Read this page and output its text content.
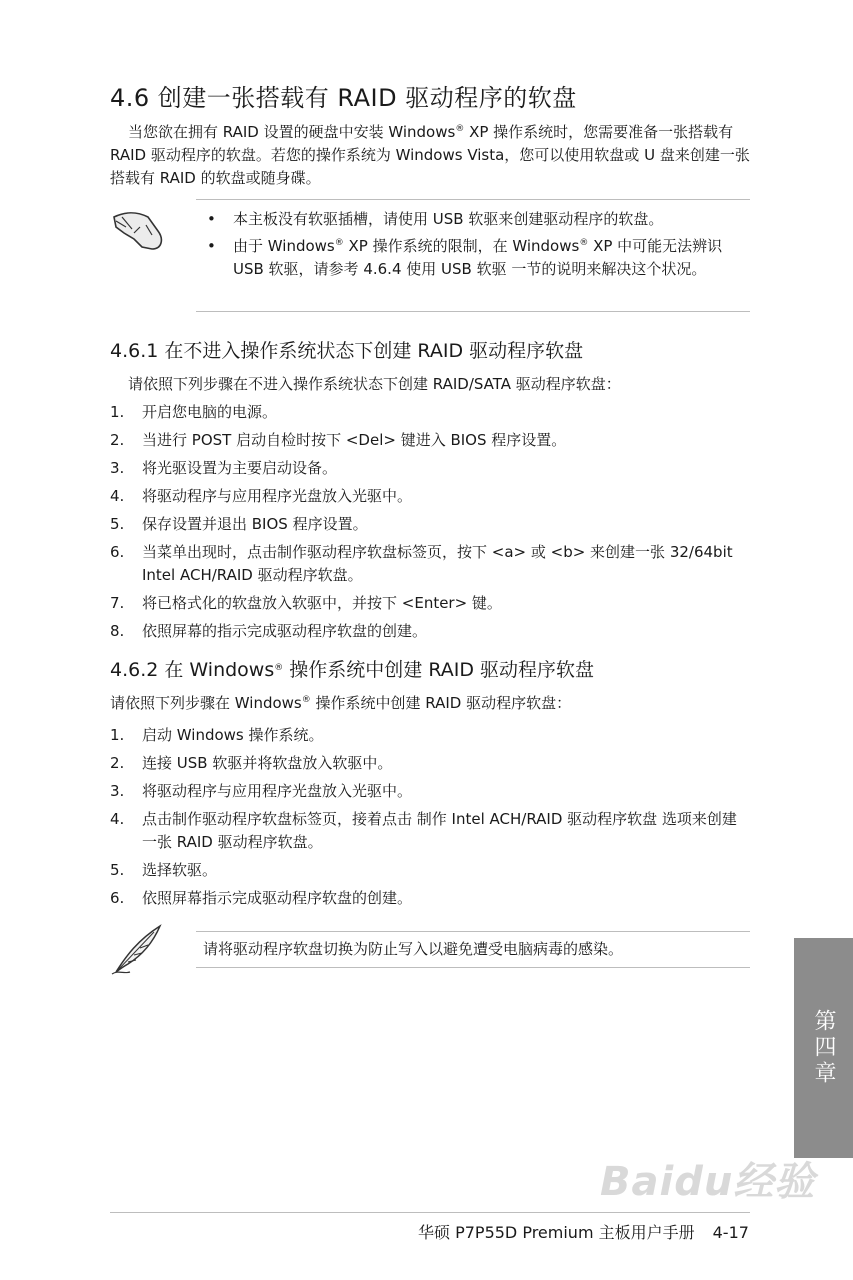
4.6 创建一张搭载有 RAID 驱动程序的软盘
当您欲在拥有 RAID 设置的硬盘中安装 Windows® XP 操作系统时，您需要准备一张搭载有 RAID 驱动程序的软盘。若您的操作系统为 Windows Vista，您可以使用软盘或 U 盘来创建一张搭载有 RAID 的软盘或随身碟。
• 本主板没有软驱插槽，请使用 USB 软驱来创建驱动程序的软盘。
• 由于 Windows® XP 操作系统的限制，在 Windows® XP 中可能无法辨识 USB 软驱，请参考 4.6.4 使用 USB 软驱 一节的说明来解决这个状况。
4.6.1 在不进入操作系统状态下创建 RAID 驱动程序软盘
请依照下列步骤在不进入操作系统状态下创建 RAID/SATA 驱动程序软盘：
1. 开启您电脑的电源。
2. 当进行 POST 启动自检时按下 <Del> 键进入 BIOS 程序设置。
3. 将光驱设置为主要启动设备。
4. 将驱动程序与应用程序光盘放入光驱中。
5. 保存设置并退出 BIOS 程序设置。
6. 当菜单出现时，点击制作驱动程序软盘标签页，按下 <a> 或 <b> 来创建一张 32/64bit Intel ACH/RAID 驱动程序软盘。
7. 将已格式化的软盘放入软驱中，并按下 <Enter> 键。
8. 依照屏幕的指示完成驱动程序软盘的创建。
4.6.2 在 Windows® 操作系统中创建 RAID 驱动程序软盘
请依照下列步骤在 Windows® 操作系统中创建 RAID 驱动程序软盘：
1. 启动 Windows 操作系统。
2. 连接 USB 软驱并将软盘放入软驱中。
3. 将驱动程序与应用程序光盘放入光驱中。
4. 点击制作驱动程序软盘标签页，接着点击 制作 Intel ACH/RAID 驱动程序软盘 选项来创建一张 RAID 驱动程序软盘。
5. 选择软驱。
6. 依照屏幕指示完成驱动程序软盘的创建。
请将驱动程序软盘切换为防止写入以避免遭受电脑病毒的感染。
第四章
Baidu经验
华硕 P7P55D Premium 主板用户手册 4-17
